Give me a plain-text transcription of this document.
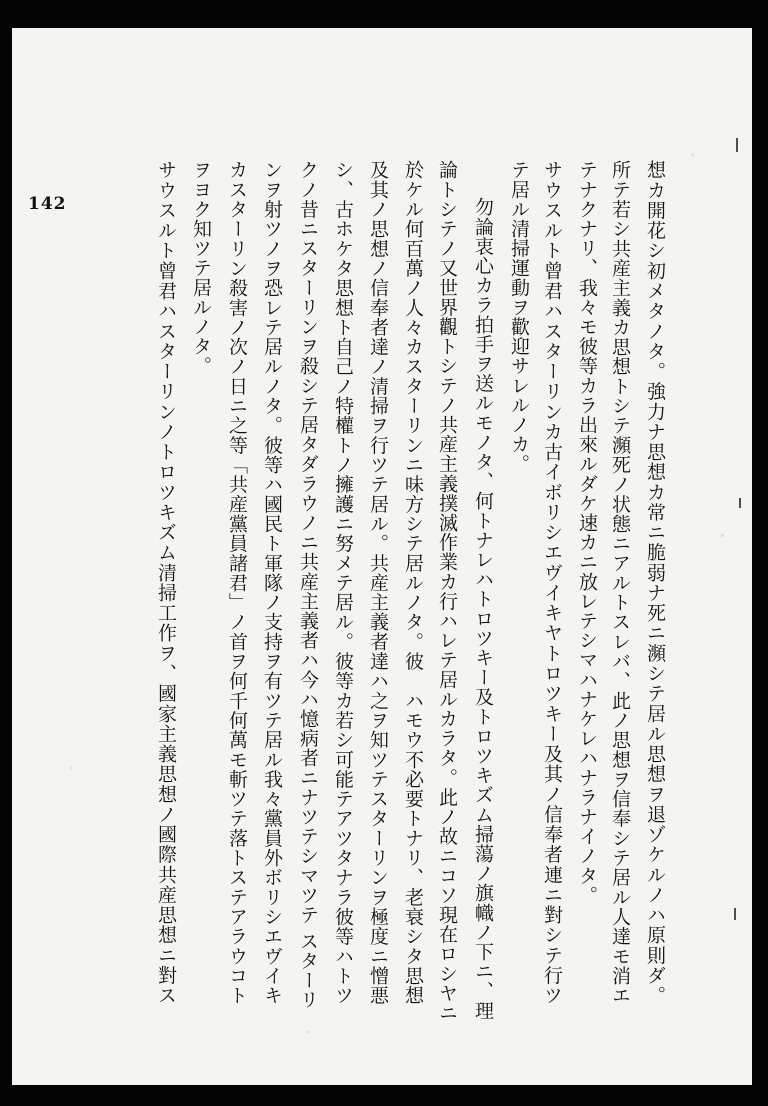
142	想カ開花シ初メタノタ。強力ナ思想カ常ニ脆弱ナ死ニ瀕シテ居ル思想ヲ退ゾケルノハ原則ダ。
所テ若シ共産主義カ思想トシテ瀕死ノ状態ニアルトスレバ、此ノ思想ヲ信奉シテ居ル人達モ消エ
テナクナリ、我々モ彼等カラ出來ルダケ速カニ放レテシマハナケレハナラナイノタ。
サウスルト曾君ハスターリンカ古イボリシエヴイキヤトロツキー及其ノ信奉者連ニ對シテ行ツ
テ居ル清掃運動ヲ歡迎サレルノカ。
勿論衷心カラ拍手ヲ送ルモノタ、何トナレハトロツキー及トロツキズム掃蕩ノ旗幟ノ下ニ、理
論トシテノ又世界觀トシテノ共産主義撲滅作業カ行ハレテ居ルカラタ。此ノ故ニコソ現在ロシヤニ
於ケル何百萬ノ人々カスターリンニ味方シテ居ルノタ。彼　ハモウ不必要トナリ、老衰シタ思想
及其ノ思想ノ信奉者達ノ清掃ヲ行ツテ居ル。共産主義者達ハ之ヲ知ツテスターリンヲ極度ニ憎悪
シ、古ホケタ思想ト自己ノ特權トノ擁護ニ努メテ居ル。彼等カ若シ可能テアツタナラ彼等ハトツ
クノ昔ニスターリンヲ殺シテ居タダラウノニ共産主義者ハ今ハ憶病者ニナツテシマツテ スターリ
ンヲ射ツノヲ恐レテ居ルノタ。彼等ハ國民ト軍隊ノ支持ヲ有ツテ居ル我々黨員外ボリシエヴイキ
カスターリン殺害ノ次ノ日ニ之等「共産黨員諸君」ノ首ヲ何千何萬モ斬ツテ落トステアラウコト
ヲヨク知ツテ居ルノタ。
サウスルト曾君ハスターリンノトロツキズム清掃工作ヲ、國家主義思想ノ國際共産思想ニ對ス
